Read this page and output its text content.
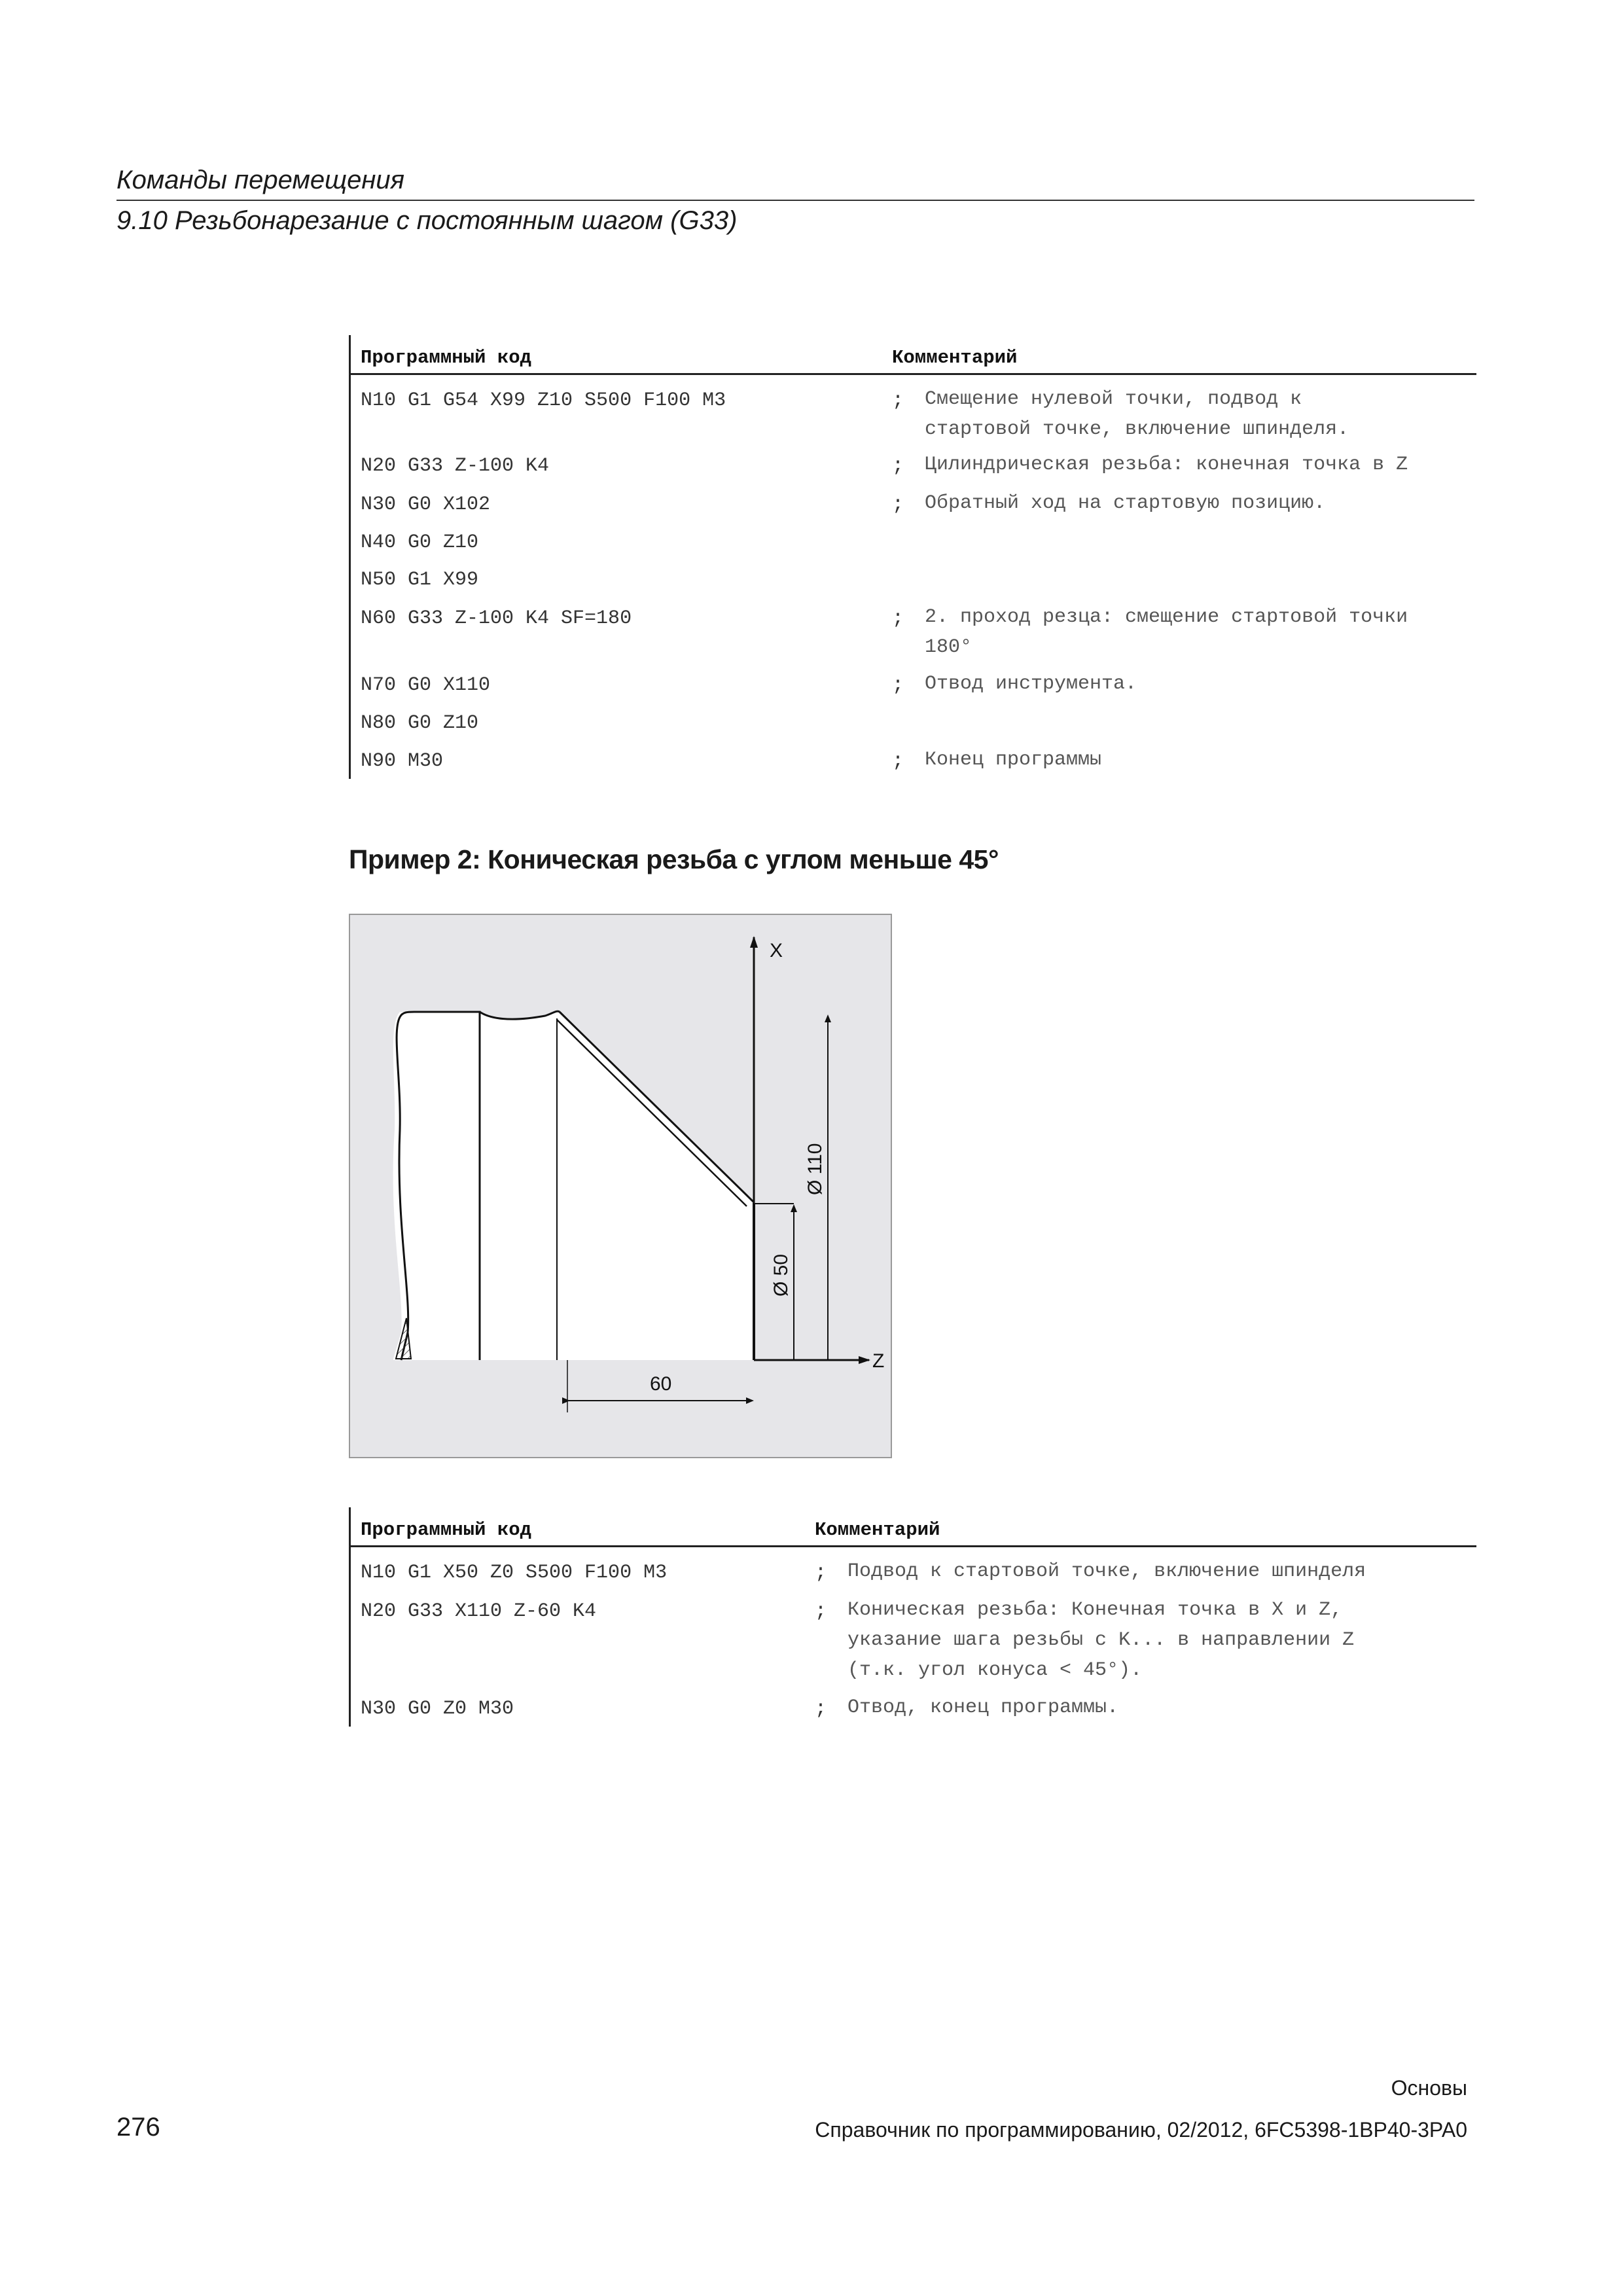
Команды перемещения
9.10 Резьбонарезание с постоянным шагом (G33)
Программный код	Комментарий
N10 G1 G54 X99 Z10 S500 F100 M3	; Смещение нулевой точки, подвод к
стартовой точке, включение шпинделя.
N20 G33 Z-100 K4	; Цилиндрическая резьба: конечная точка в Z
N30 G0 X102	; Обратный ход на стартовую позицию.
N40 G0 Z10
N50 G1 X99
N60 G33 Z-100 K4 SF=180	; 2. проход резца: смещение стартовой точки
180°
N70 G0 X110	; Отвод инструмента.
N80 G0 Z10
N90 M30	; Конец программы
Пример 2: Коническая резьба с углом меньше 45°
X
Z
Ø 110
Ø 50
60
Программный код	Комментарий
N10 G1 X50 Z0 S500 F100 M3	; Подвод к стартовой точке, включение шпинделя
N20 G33 X110 Z-60 K4	; Коническая резьба: Конечная точка в X и Z,
указание шага резьбы с K... в направлении Z
(т.к. угол конуса < 45°).
N30 G0 Z0 M30	; Отвод, конец программы.
Основы
276	Справочник по программированию, 02/2012, 6FC5398-1BP40-3PA0
